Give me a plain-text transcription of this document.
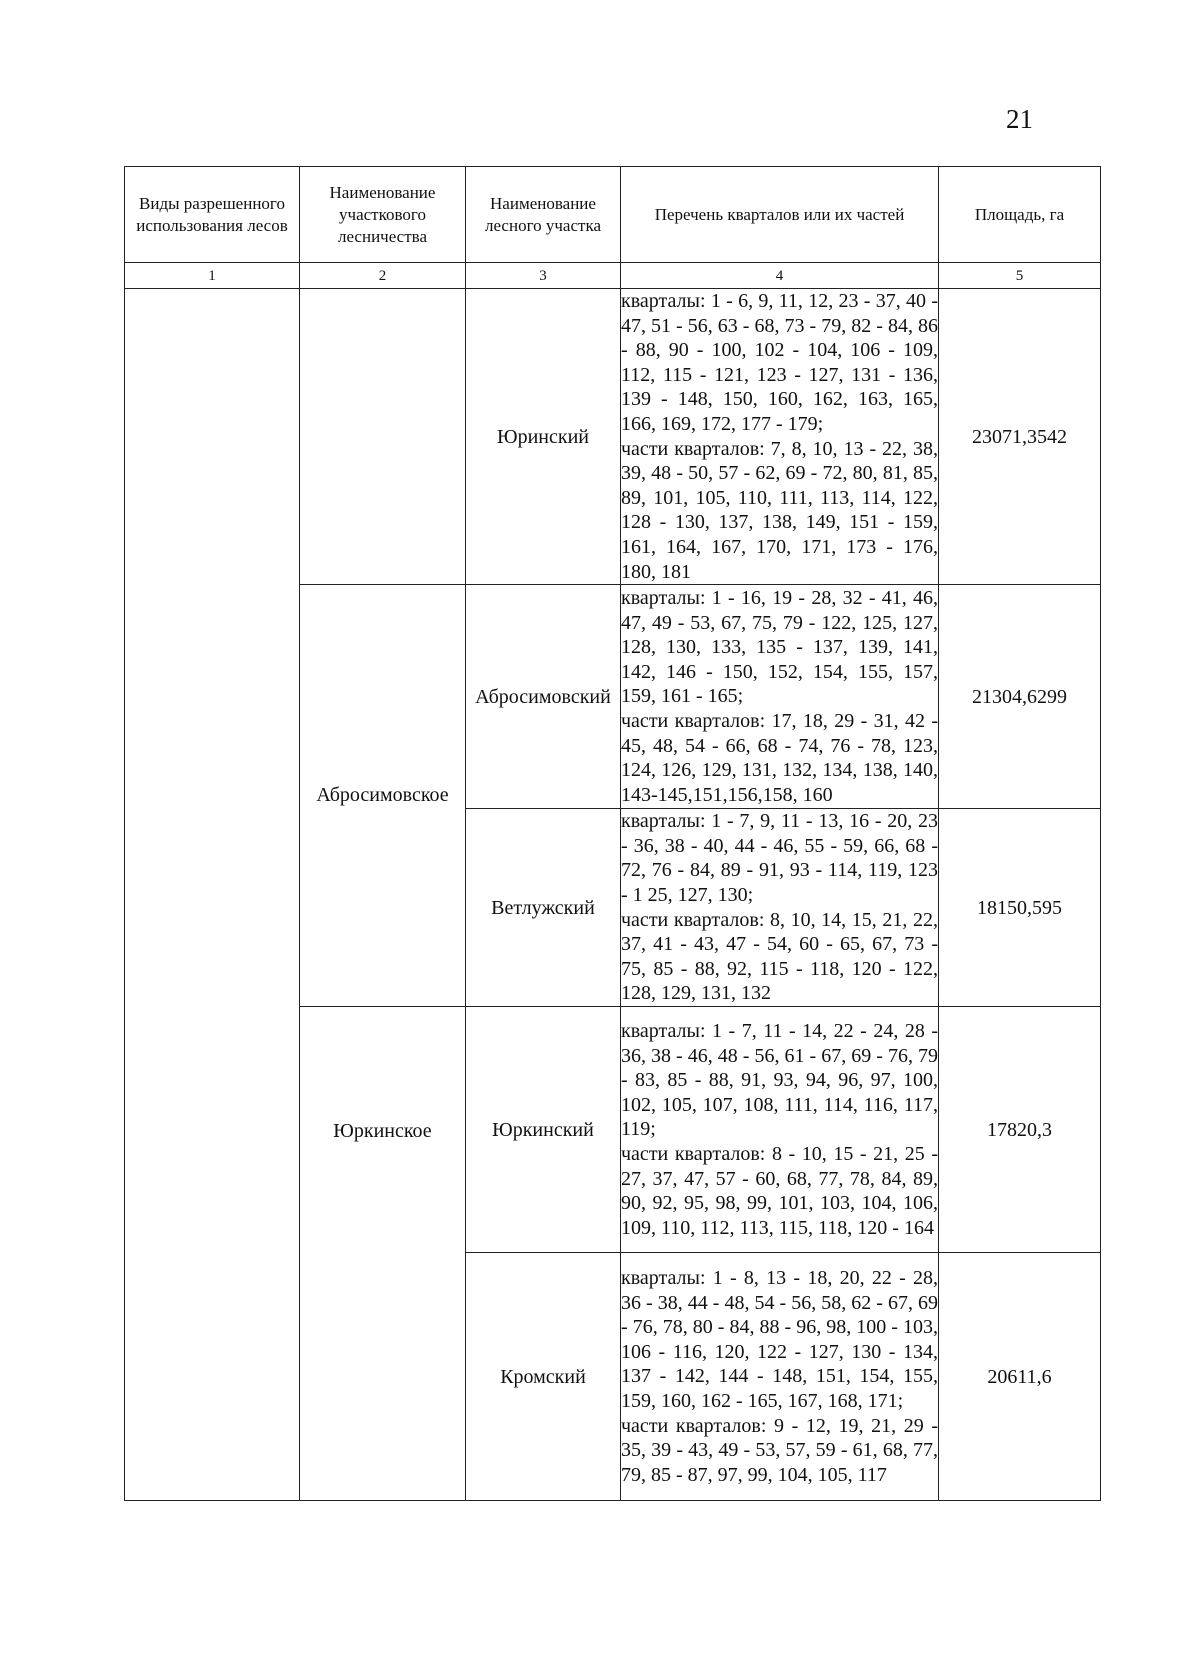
21
Виды разрешенного использования лесов	Наименование участкового лесничества	Наименование лесного участка	Перечень кварталов или их частей	Площадь, га
1	2	3	4	5
		Юринский	кварталы: 1 - 6, 9, 11, 12, 23 - 37, 40 - 47, 51 - 56, 63 - 68, 73 - 79, 82 - 84, 86 - 88, 90 - 100, 102 - 104, 106 - 109, 112, 115 - 121, 123 - 127, 131 - 136, 139 - 148, 150, 160, 162, 163, 165, 166, 169, 172, 177 - 179;
части кварталов: 7, 8, 10, 13 - 22, 38, 39, 48 - 50, 57 - 62, 69 - 72, 80, 81, 85, 89, 101, 105, 110, 111, 113, 114, 122, 128 - 130, 137, 138, 149, 151 - 159, 161, 164, 167, 170, 171, 173 - 176, 180, 181	23071,3542
	Абросимовское	Абросимовский	кварталы: 1 - 16, 19 - 28, 32 - 41, 46, 47, 49 - 53, 67, 75, 79 - 122, 125, 127, 128, 130, 133, 135 - 137, 139, 141, 142, 146 - 150, 152, 154, 155, 157, 159, 161 - 165;
части кварталов: 17, 18, 29 - 31, 42 - 45, 48, 54 - 66, 68 - 74, 76 - 78, 123, 124, 126, 129, 131, 132, 134, 138, 140, 143-145,151,156,158, 160	21304,6299
		Ветлужский	кварталы: 1 - 7, 9, 11 - 13, 16 - 20, 23 - 36, 38 - 40, 44 - 46, 55 - 59, 66, 68 - 72, 76 - 84, 89 - 91, 93 - 114, 119, 123 - 1 25, 127, 130;
части кварталов: 8, 10, 14, 15, 21, 22, 37, 41 - 43, 47 - 54, 60 - 65, 67, 73 - 75, 85 - 88, 92, 115 - 118, 120 - 122, 128, 129, 131, 132	18150,595
	Юркинское	Юркинский	кварталы: 1 - 7, 11 - 14, 22 - 24, 28 - 36, 38 - 46, 48 - 56, 61 - 67, 69 - 76, 79 - 83, 85 - 88, 91, 93, 94, 96, 97, 100, 102, 105, 107, 108, 111, 114, 116, 117, 119;
части кварталов: 8 - 10, 15 - 21, 25 - 27, 37, 47, 57 - 60, 68, 77, 78, 84, 89, 90, 92, 95, 98, 99, 101, 103, 104, 106, 109, 110, 112, 113, 115, 118, 120 - 164	17820,3
		Кромский	кварталы: 1 - 8, 13 - 18, 20, 22 - 28, 36 - 38, 44 - 48, 54 - 56, 58, 62 - 67, 69 - 76, 78, 80 - 84, 88 - 96, 98, 100 - 103, 106 - 116, 120, 122 - 127, 130 - 134, 137 - 142, 144 - 148, 151, 154, 155, 159, 160, 162 - 165, 167, 168, 171;
части кварталов: 9 - 12, 19, 21, 29 - 35, 39 - 43, 49 - 53, 57, 59 - 61, 68, 77, 79, 85 - 87, 97, 99, 104, 105, 117	20611,6
